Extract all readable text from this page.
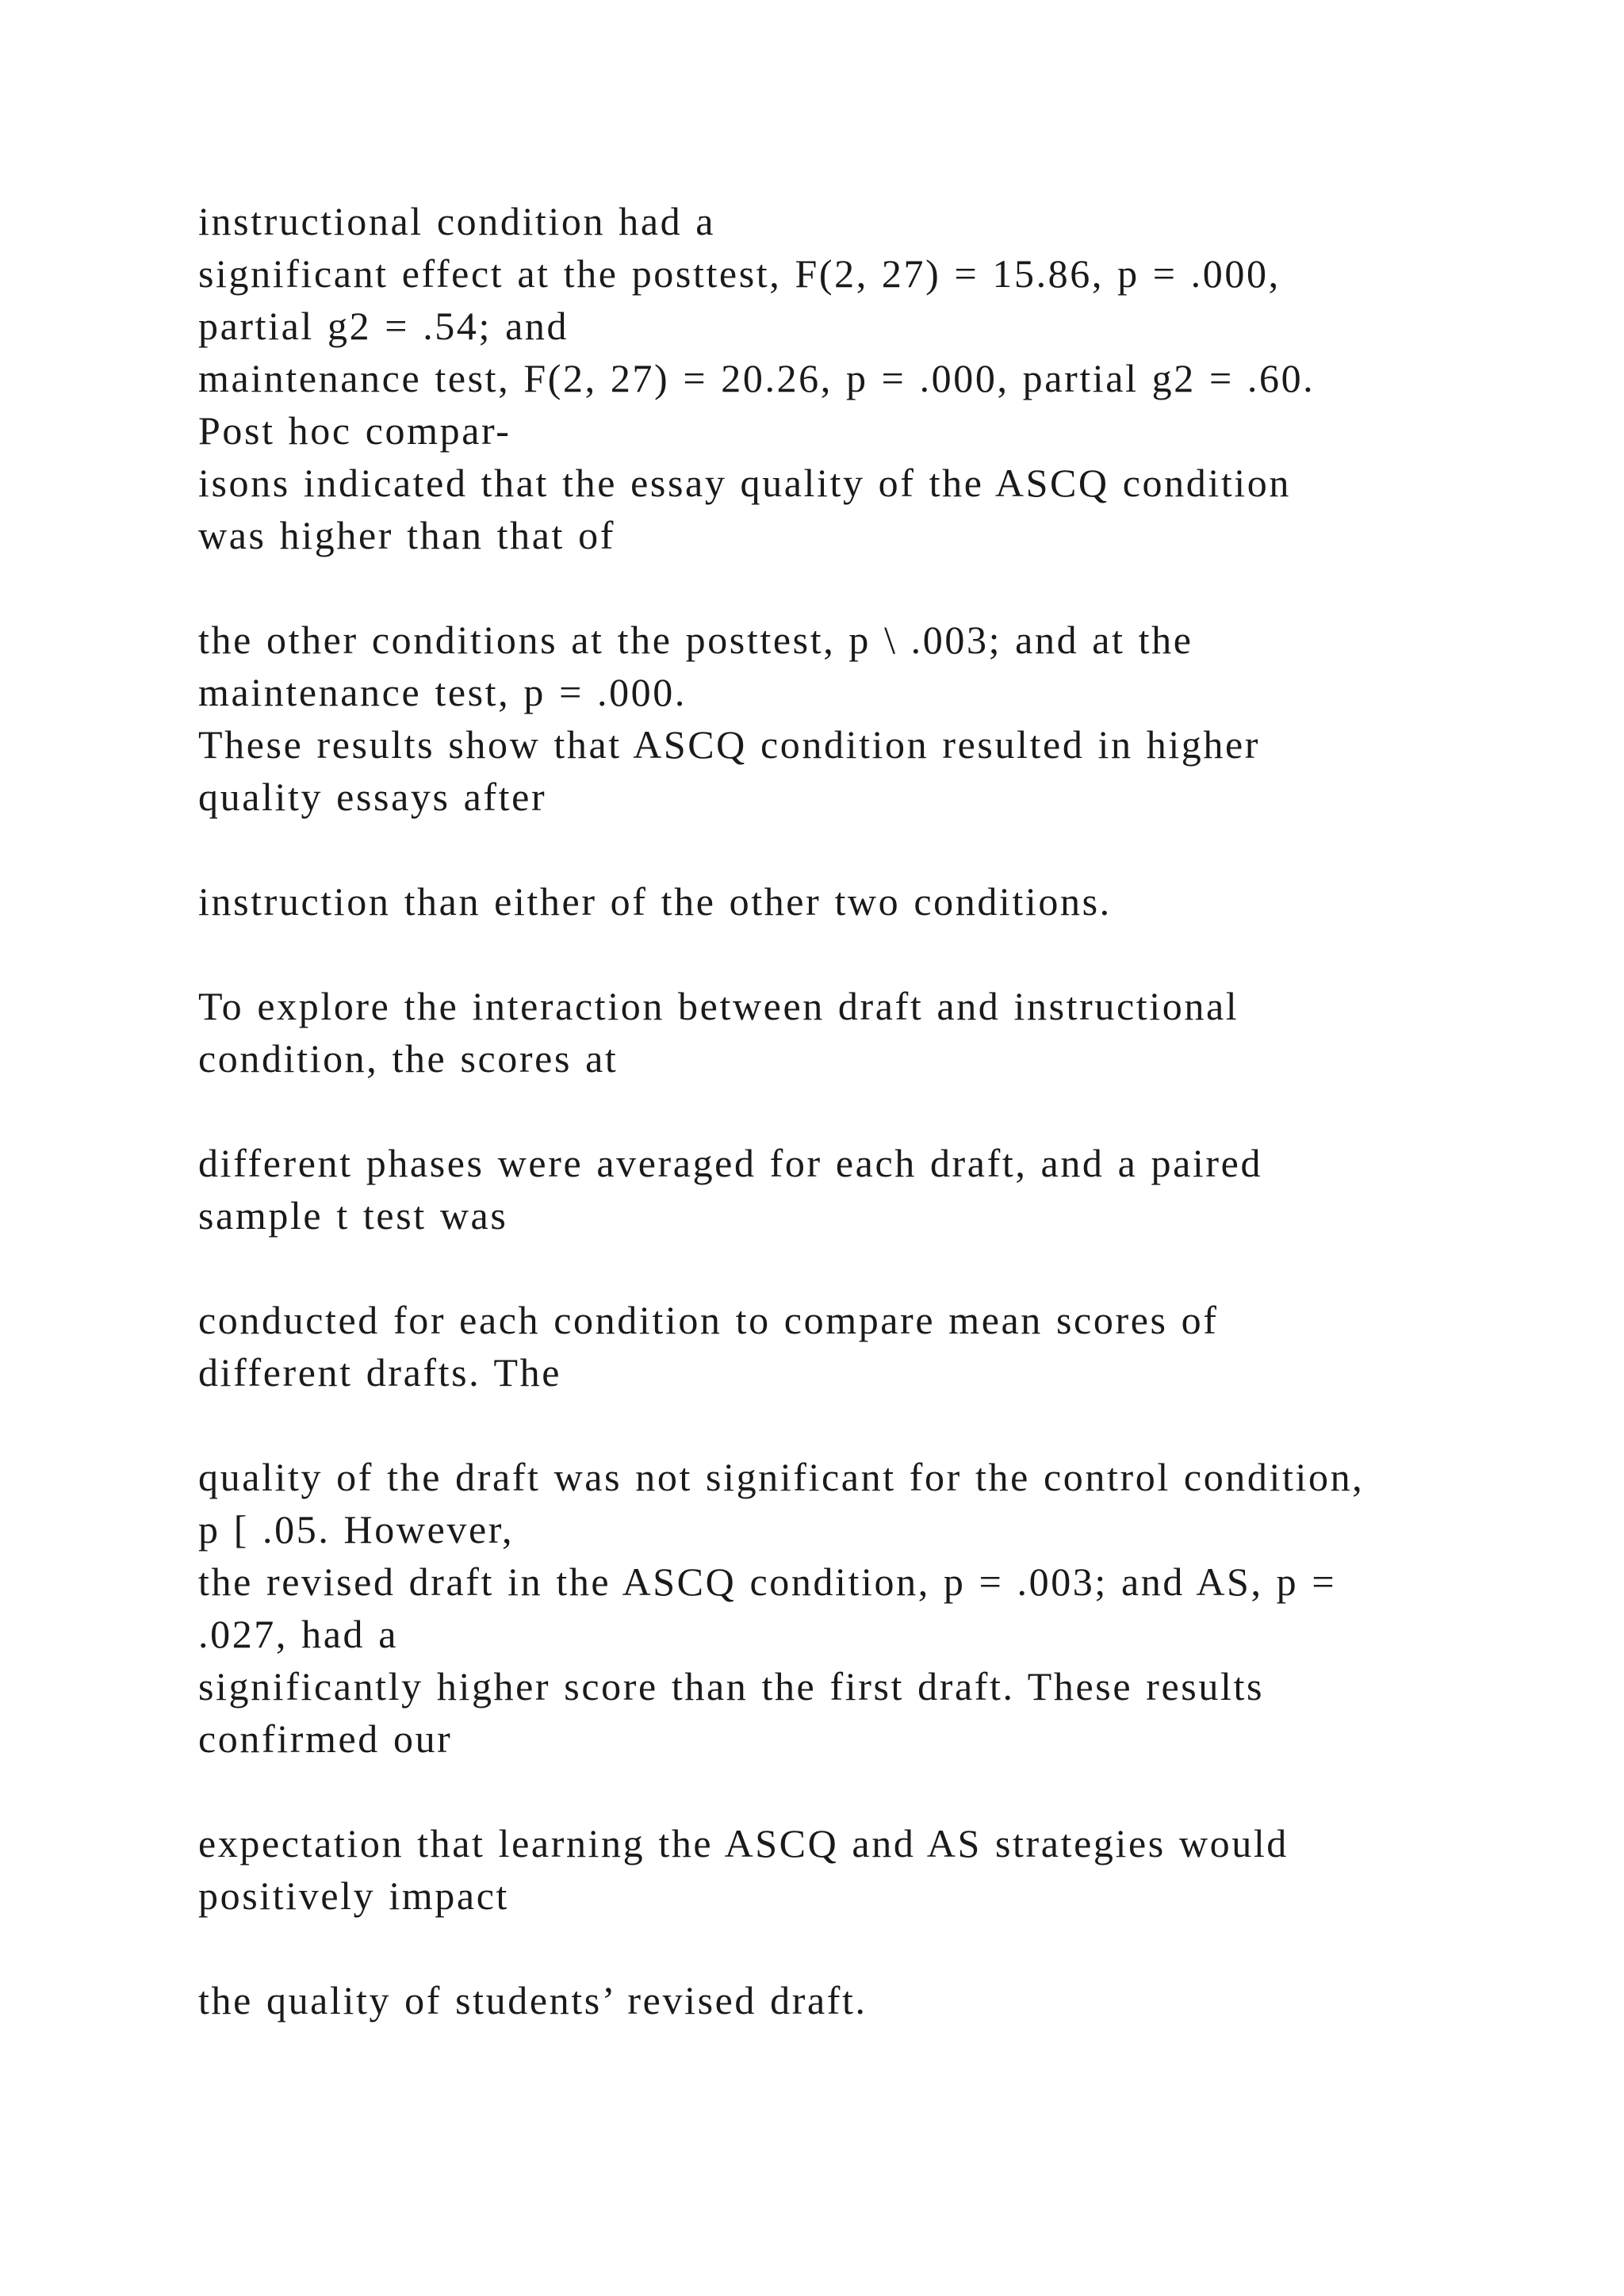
instructional condition had a
significant effect at the posttest, F(2, 27) = 15.86, p = .000,
partial g2 = .54; and
maintenance test, F(2, 27) = 20.26, p = .000, partial g2 = .60.
Post hoc compar-
isons indicated that the essay quality of the ASCQ condition
was higher than that of
the other conditions at the posttest, p \ .003; and at the
maintenance test, p = .000.
These results show that ASCQ condition resulted in higher
quality essays after
instruction than either of the other two conditions.
To explore the interaction between draft and instructional
condition, the scores at
different phases were averaged for each draft, and a paired
sample t test was
conducted for each condition to compare mean scores of
different drafts. The
quality of the draft was not significant for the control condition,
p [ .05. However,
the revised draft in the ASCQ condition, p = .003; and AS, p =
.027, had a
significantly higher score than the first draft. These results
confirmed our
expectation that learning the ASCQ and AS strategies would
positively impact
the quality of students’ revised draft.
